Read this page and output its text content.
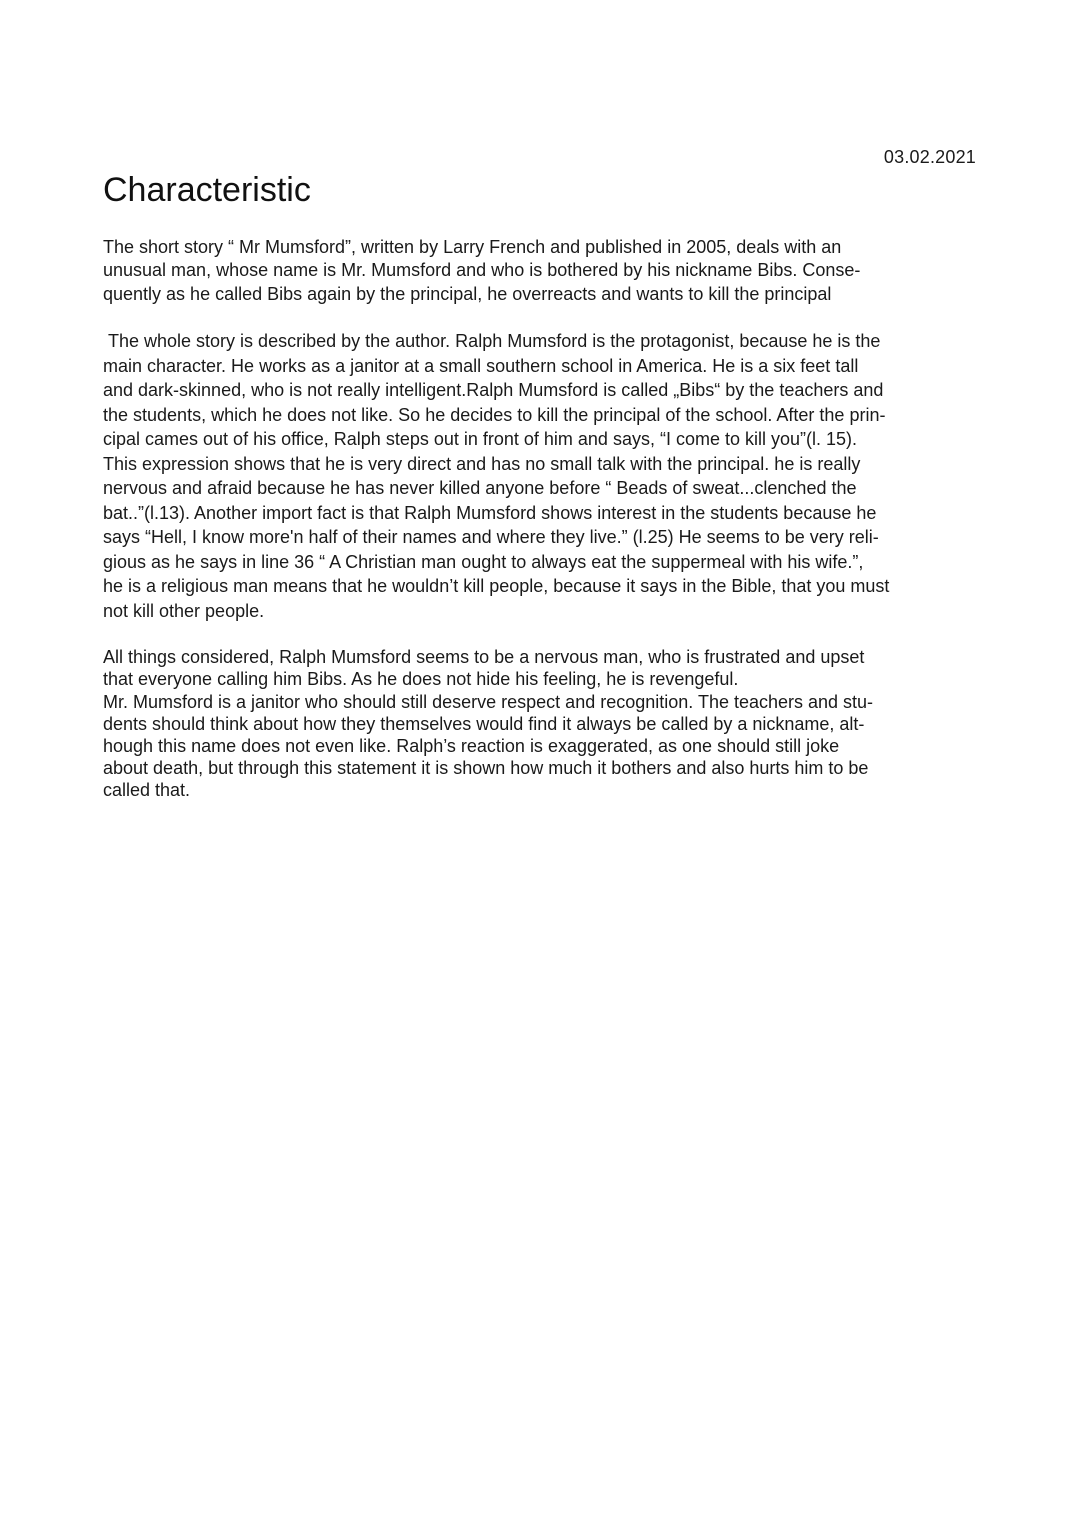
03.02.2021
Characteristic

The short story “ Mr Mumsford”, written by Larry French and published in 2005, deals with an
unusual man, whose name is Mr. Mumsford and who is bothered by his nickname Bibs. Conse-
quently as he called Bibs again by the principal, he overreacts and wants to kill the principal

The whole story is described by the author. Ralph Mumsford is the protagonist, because he is the
main character. He works as a janitor at a small southern school in America. He is a six feet tall
and dark-skinned, who is not really intelligent.Ralph Mumsford is called „Bibs“ by the teachers and
the students, which he does not like. So he decides to kill the principal of the school. After the prin-
cipal cames out of his office, Ralph steps out in front of him and says, “I come to kill you”(l. 15).
This expression shows that he is very direct and has no small talk with the principal. he is really
nervous and afraid because he has never killed anyone before “ Beads of sweat...clenched the
bat..”(l.13). Another import fact is that Ralph Mumsford shows interest in the students because he
says “Hell, I know more'n half of their names and where they live.” (l.25) He seems to be very reli-
gious as he says in line 36 “ A Christian man ought to always eat the suppermeal with his wife.”,
he is a religious man means that he wouldn’t kill people, because it says in the Bible, that you must
not kill other people.

All things considered, Ralph Mumsford seems to be a nervous man, who is frustrated and upset
that everyone calling him Bibs. As he does not hide his feeling, he is revengeful.

Mr. Mumsford is a janitor who should still deserve respect and recognition. The teachers and stu-
dents should think about how they themselves would find it always be called by a nickname, alt-
hough this name does not even like. Ralph’s reaction is exaggerated, as one should still joke
about death, but through this statement it is shown how much it bothers and also hurts him to be
called that.
